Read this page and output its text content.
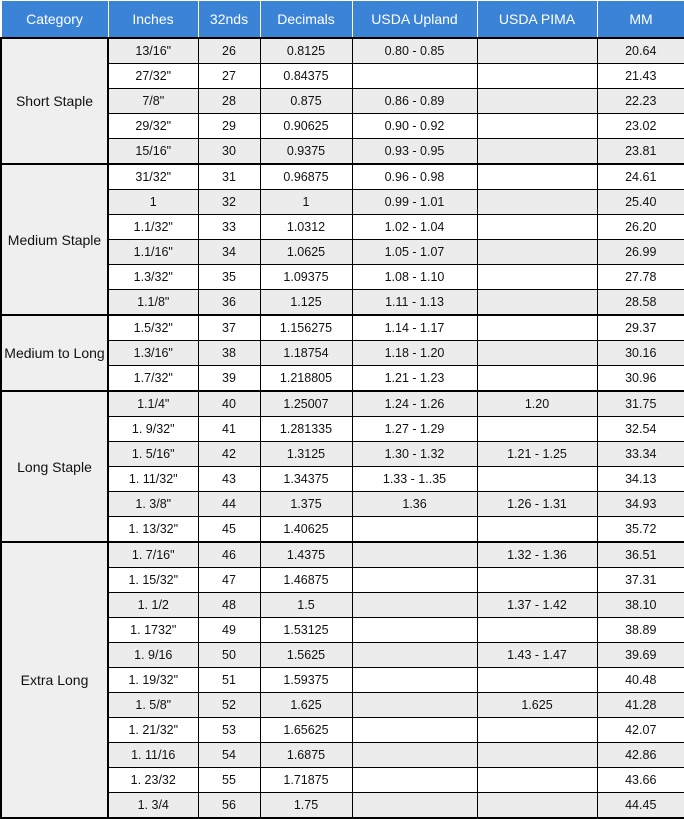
Category	Inches	32nds	Decimals	USDA Upland	USDA PIMA	MM
Short Staple	13/16"	26	0.8125	0.80 - 0.85		20.64
	27/32"	27	0.84375			21.43
	7/8"	28	0.875	0.86 - 0.89		22.23
	29/32"	29	0.90625	0.90 - 0.92		23.02
	15/16"	30	0.9375	0.93 - 0.95		23.81
Medium Staple	31/32"	31	0.96875	0.96 - 0.98		24.61
	1	32	1	0.99 - 1.01		25.40
	1.1/32"	33	1.0312	1.02 - 1.04		26.20
	1.1/16"	34	1.0625	1.05 - 1.07		26.99
	1.3/32"	35	1.09375	1.08 - 1.10		27.78
	1.1/8"	36	1.125	1.11 - 1.13		28.58
Medium to Long	1.5/32"	37	1.156275	1.14 - 1.17		29.37
	1.3/16"	38	1.18754	1.18 - 1.20		30.16
	1.7/32"	39	1.218805	1.21 - 1.23		30.96
Long Staple	1.1/4"	40	1.25007	1.24 - 1.26	1.20	31.75
	1. 9/32"	41	1.281335	1.27 - 1.29		32.54
	1. 5/16"	42	1.3125	1.30 - 1.32	1.21 - 1.25	33.34
	1. 11/32"	43	1.34375	1.33 - 1..35		34.13
	1. 3/8"	44	1.375	1.36	1.26 - 1.31	34.93
	1. 13/32"	45	1.40625			35.72
Extra Long	1. 7/16"	46	1.4375		1.32 - 1.36	36.51
	1. 15/32"	47	1.46875			37.31
	1. 1/2	48	1.5		1.37 - 1.42	38.10
	1. 1732"	49	1.53125			38.89
	1. 9/16	50	1.5625		1.43 - 1.47	39.69
	1. 19/32"	51	1.59375			40.48
	1. 5/8"	52	1.625		1.625	41.28
	1. 21/32"	53	1.65625			42.07
	1. 11/16	54	1.6875			42.86
	1. 23/32	55	1.71875			43.66
	1. 3/4	56	1.75			44.45
